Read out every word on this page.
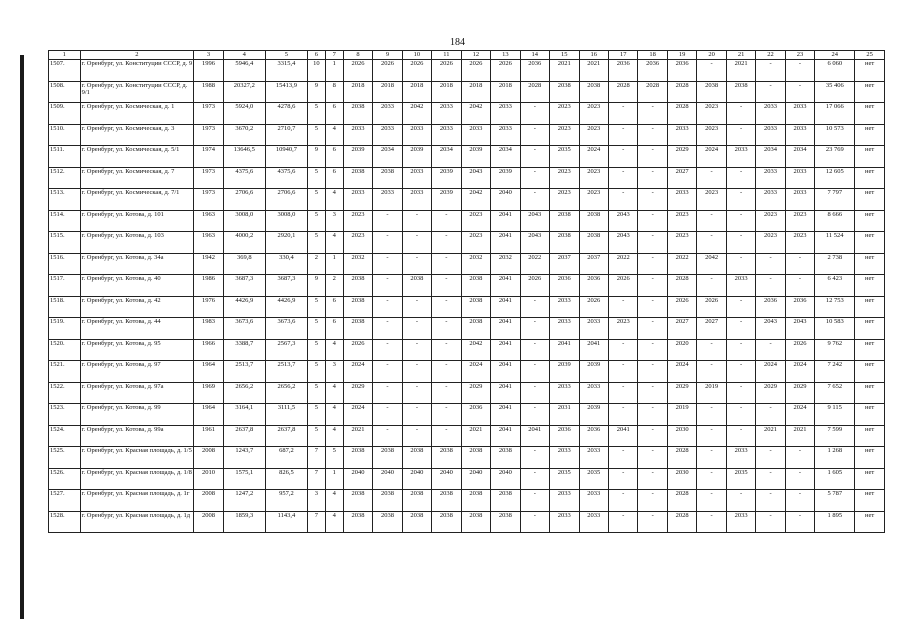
184
1	2	3	4	5	6	7	8	9	10	11	12	13	14	15	16	17	18	19	20	21	22	23	24	25
1507.	г. Оренбург, ул. Конституции СССР, д. 9	1996	5946,4	3315,4	10	1	2026	2026	2026	2026	2026	2026	2036	2021	2021	2036	2036	2036	-	2021	-	-	6 060	нет
1508.	г. Оренбург, ул. Конституции СССР, д. 9/1	1988	20327,2	15413,9	9	8	2018	2018	2018	2018	2018	2018	2028	2038	2038	2028	2028	2028	2038	2038	-	-	35 406	нет
1509.	г. Оренбург, ул. Космическая, д. 1	1973	5924,0	4278,6	5	6	2038	2033	2042	2033	2042	2033	-	2023	2023	-	-	2028	2023	-	2033	2033	17 066	нет
1510.	г. Оренбург, ул. Космическая, д. 3	1973	3670,2	2710,7	5	4	2033	2033	2033	2033	2033	2033	-	2023	2023	-	-	2033	2023	-	2033	2033	10 573	нет
1511.	г. Оренбург, ул. Космическая, д. 5/1	1974	13646,5	10940,7	9	6	2039	2034	2039	2034	2039	2034	-	2035	2024	-	-	2029	2024	2033	2034	2034	23 769	нет
1512.	г. Оренбург, ул. Космическая, д. 7	1973	4375,6	4375,6	5	6	2038	2038	2033	2039	2043	2039	-	2023	2023	-	-	2027	-	-	2033	2033	12 605	нет
1513.	г. Оренбург, ул. Космическая, д. 7/1	1973	2706,6	2706,6	5	4	2033	2033	2033	2039	2042	2040	-	2023	2023	-	-	2033	2023	-	2033	2033	7 797	нет
1514.	г. Оренбург, ул. Котова, д. 101	1963	3008,0	3008,0	5	3	2023	-	-	-	2023	2041	2043	2038	2038	2043	-	2023	-	-	2023	2023	8 666	нет
1515.	г. Оренбург, ул. Котова, д. 103	1963	4000,2	2920,1	5	4	2023	-	-	-	2023	2041	2043	2038	2038	2043	-	2023	-	-	2023	2023	11 524	нет
1516.	г. Оренбург, ул. Котова, д. 34а	1942	369,8	330,4	2	1	2032	-	-	-	2032	2032	2022	2037	2037	2022	-	2022	2042	-	-	-	2 738	нет
1517.	г. Оренбург, ул. Котова, д. 40	1986	3687,3	3687,3	9	2	2038	-	2038	-	2038	2041	2026	2036	2036	2026	-	2028	-	2033	-	-	6 423	нет
1518.	г. Оренбург, ул. Котова, д. 42	1976	4426,9	4426,9	5	6	2038	-	-	-	2038	2041	-	2033	2026	-	-	2026	2026	-	2036	2036	12 753	нет
1519.	г. Оренбург, ул. Котова, д. 44	1983	3673,6	3673,6	5	6	2038	-	-	-	2038	2041	-	2033	2033	2023	-	2027	2027	-	2043	2043	10 583	нет
1520.	г. Оренбург, ул. Котова, д. 95	1966	3388,7	2567,3	5	4	2026	-	-	-	2042	2041	-	2041	2041	-	-	2020	-	-	-	2026	9 762	нет
1521.	г. Оренбург, ул. Котова, д. 97	1964	2513,7	2513,7	5	3	2024	-	-	-	2024	2041	-	2039	2039	-	-	2024	-	-	2024	2024	7 242	нет
1522.	г. Оренбург, ул. Котова, д. 97а	1969	2656,2	2656,2	5	4	2029	-	-	-	2029	2041	-	2033	2033	-	-	2029	2019	-	2029	2029	7 652	нет
1523.	г. Оренбург, ул. Котова, д. 99	1964	3164,1	3111,5	5	4	2024	-	-	-	2036	2041	-	2031	2039	-	-	2019	-	-	-	2024	9 115	нет
1524.	г. Оренбург, ул. Котова, д. 99а	1961	2637,8	2637,8	5	4	2021	-	-	-	2021	2041	2041	2036	2036	2041	-	2030	-	-	2021	2021	7 599	нет
1525.	г. Оренбург, ул. Красная площадь, д. 1/5	2008	1243,7	687,2	7	5	2038	2038	2038	2038	2038	2038	-	2033	2033	-	-	2028	-	2033	-	-	1 268	нет
1526.	г. Оренбург, ул. Красная площадь, д. 1/8	2010	1575,1	826,5	7	1	2040	2040	2040	2040	2040	2040	-	2035	2035	-	-	2030	-	2035	-	-	1 605	нет
1527.	г. Оренбург, ул. Красная площадь, д. 1г	2008	1247,2	957,2	3	4	2038	2038	2038	2038	2038	2038	-	2033	2033	-	-	2028	-	-	-	-	5 787	нет
1528.	г. Оренбург, ул. Красная площадь, д. 1д	2008	1859,3	1143,4	7	4	2038	2038	2038	2038	2038	2038	-	2033	2033	-	-	2028	-	2033	-	-	1 895	нет
